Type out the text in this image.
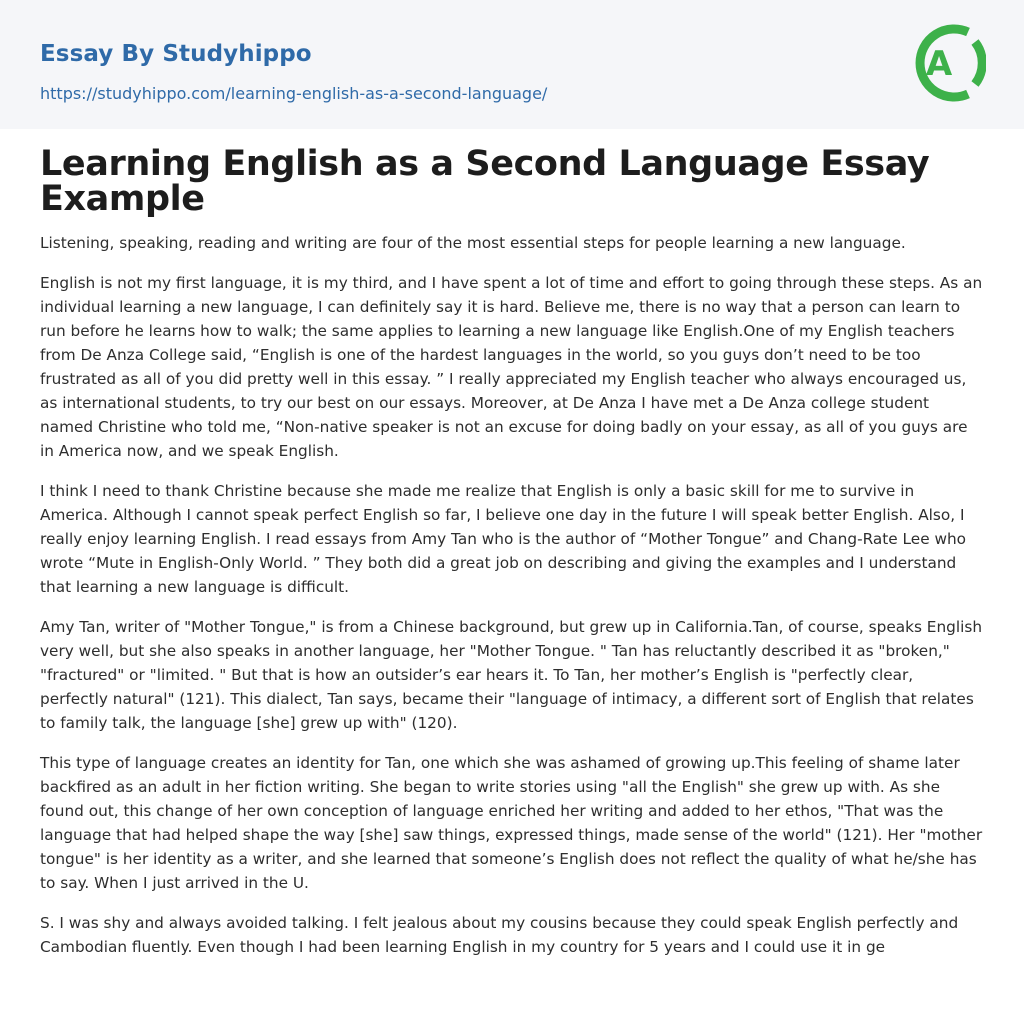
Essay By Studyhippo
https://studyhippo.com/learning-english-as-a-second-language/
A
Learning English as a Second Language Essay Example

Listening, speaking, reading and writing are four of the most essential steps for people learning a new language.

English is not my first language, it is my third, and I have spent a lot of time and effort to going through these steps. As an individual learning a new language, I can definitely say it is hard. Believe me, there is no way that a person can learn to run before he learns how to walk; the same applies to learning a new language like English.One of my English teachers from De Anza College said, “English is one of the hardest languages in the world, so you guys don’t need to be too frustrated as all of you did pretty well in this essay. ” I really appreciated my English teacher who always encouraged us, as international students, to try our best on our essays. Moreover, at De Anza I have met a De Anza college student named Christine who told me, “Non-native speaker is not an excuse for doing badly on your essay, as all of you guys are in America now, and we speak English.

I think I need to thank Christine because she made me realize that English is only a basic skill for me to survive in America. Although I cannot speak perfect English so far, I believe one day in the future I will speak better English. Also, I really enjoy learning English. I read essays from Amy Tan who is the author of “Mother Tongue” and Chang-Rate Lee who wrote “Mute in English-Only World. ” They both did a great job on describing and giving the examples and I understand that learning a new language is difficult.

Amy Tan, writer of "Mother Tongue," is from a Chinese background, but grew up in California.Tan, of course, speaks English very well, but she also speaks in another language, her "Mother Tongue. " Tan has reluctantly described it as "broken," "fractured" or "limited. " But that is how an outsider’s ear hears it. To Tan, her mother’s English is "perfectly clear, perfectly natural" (121). This dialect, Tan says, became their "language of intimacy, a different sort of English that relates to family talk, the language [she] grew up with" (120).

This type of language creates an identity for Tan, one which she was ashamed of growing up.This feeling of shame later backfired as an adult in her fiction writing. She began to write stories using "all the English" she grew up with. As she found out, this change of her own conception of language enriched her writing and added to her ethos, "That was the language that had helped shape the way [she] saw things, expressed things, made sense of the world" (121). Her "mother tongue" is her identity as a writer, and she learned that someone’s English does not reflect the quality of what he/she has to say. When I just arrived in the U.

S. I was shy and always avoided talking. I felt jealous about my cousins because they could speak English perfectly and Cambodian fluently. Even though I had been learning English in my country for 5 years and I could use it in ge
